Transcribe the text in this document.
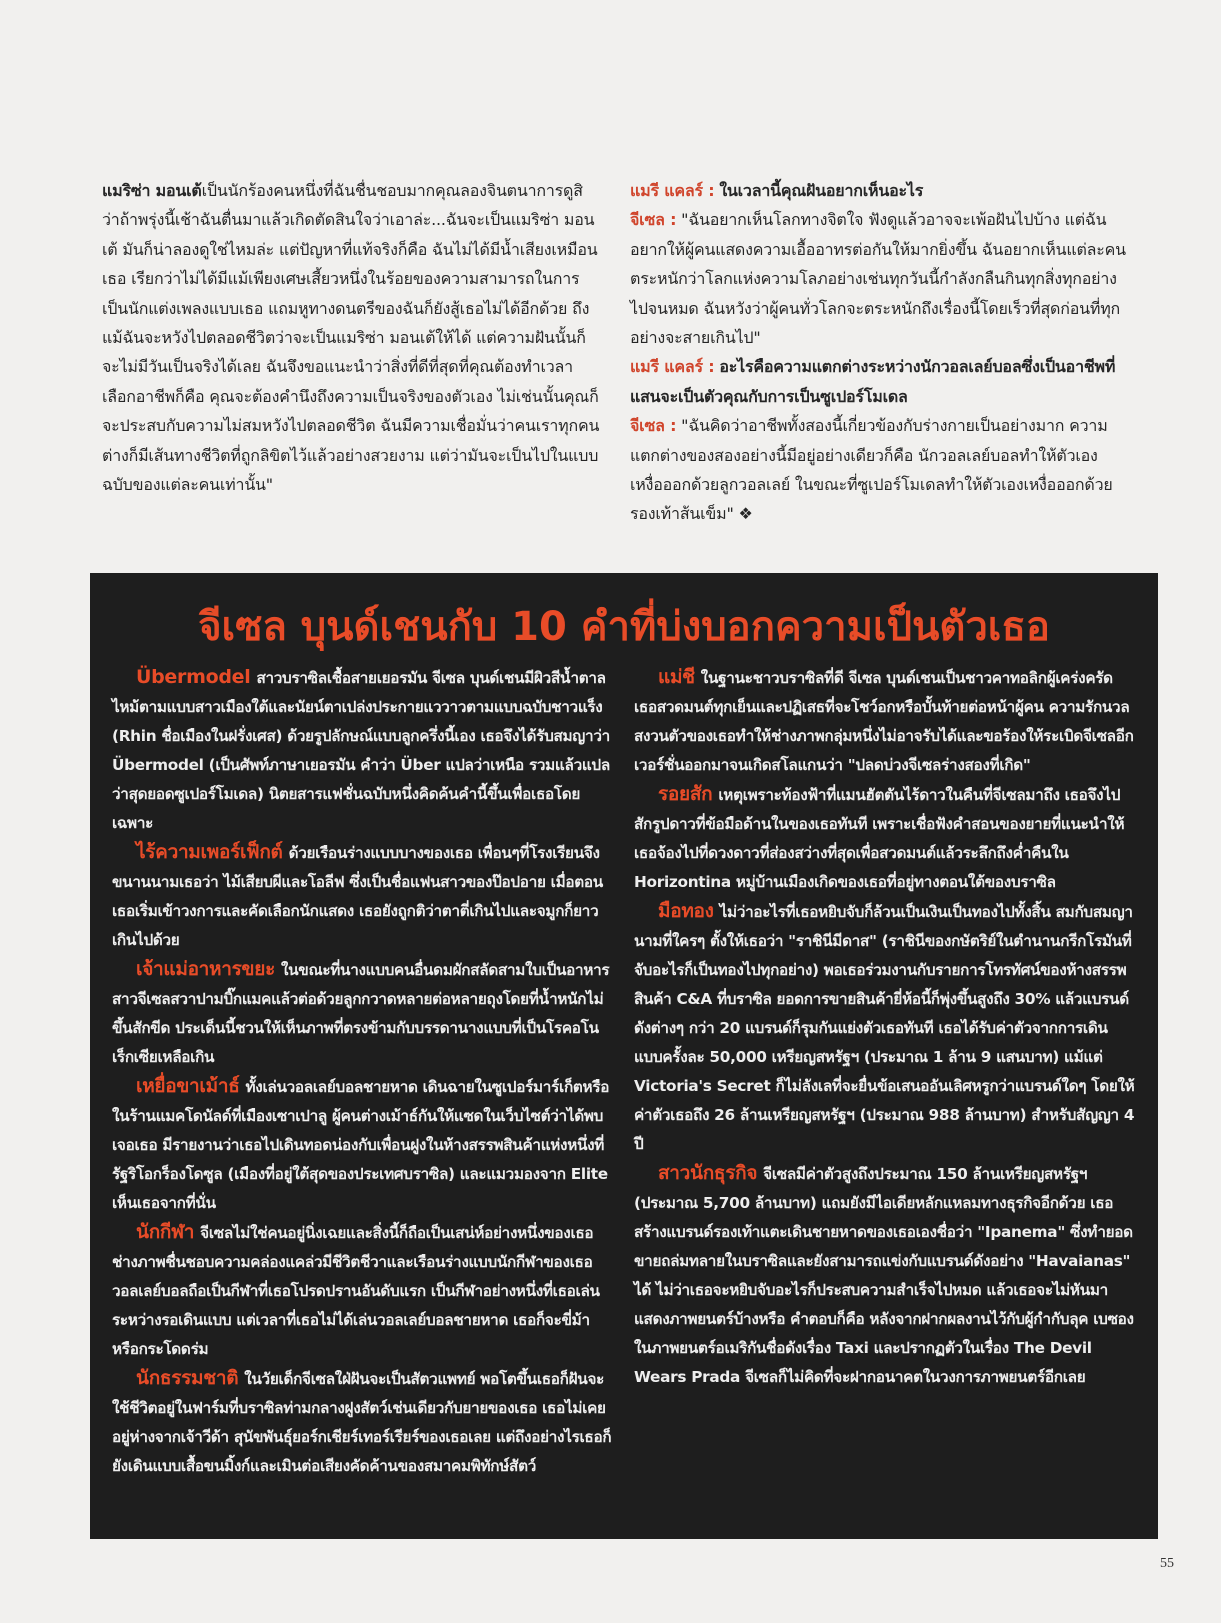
แมริซ่า มอนเต้เป็นนักร้องคนหนึ่งที่ฉันชื่นชอบมากคุณลองจินตนาการดูสิว่าถ้าพรุ่งนี้เช้าฉันตื่นมาแล้วเกิดตัดสินใจว่าเอาล่ะ...ฉันจะเป็นแมริซ่า มอนเต้ มันก็น่าลองดูใช่ไหมล่ะ แต่ปัญหาที่แท้จริงก็คือ ฉันไม่ได้มีน้ำเสียงเหมือนเธอ เรียกว่าไม่ได้มีแม้เพียงเศษเสี้ยวหนึ่งในร้อยของความสามารถในการเป็นนักแต่งเพลงแบบเธอ แถมหูทางดนตรีของฉันก็ยังสู้เธอไม่ได้อีกด้วย ถึงแม้ฉันจะหวังไปตลอดชีวิตว่าจะเป็นแมริซ่า มอนเต้ให้ได้ แต่ความฝันนั้นก็จะไม่มีวันเป็นจริงได้เลย ฉันจึงขอแนะนำว่าสิ่งที่ดีที่สุดที่คุณต้องทำเวลาเลือกอาชีพก็คือ คุณจะต้องคำนึงถึงความเป็นจริงของตัวเอง ไม่เช่นนั้นคุณก็จะประสบกับความไม่สมหวังไปตลอดชีวิต ฉันมีความเชื่อมั่นว่าคนเราทุกคนต่างก็มีเส้นทางชีวิตที่ถูกลิขิตไว้แล้วอย่างสวยงาม แต่ว่ามันจะเป็นไปในแบบฉบับของแต่ละคนเท่านั้น"

แมรี แคลร์ : ในเวลานี้คุณฝันอยากเห็นอะไร

จีเซล : "ฉันอยากเห็นโลกทางจิตใจ ฟังดูแล้วอาจจะเพ้อฝันไปบ้าง แต่ฉันอยากให้ผู้คนแสดงความเอื้ออาทรต่อกันให้มากยิ่งขึ้น ฉันอยากเห็นแต่ละคนตระหนักว่าโลกแห่งความโลภอย่างเช่นทุกวันนี้กำลังกลืนกินทุกสิ่งทุกอย่างไปจนหมด ฉันหวังว่าผู้คนทั่วโลกจะตระหนักถึงเรื่องนี้โดยเร็วที่สุดก่อนที่ทุกอย่างจะสายเกินไป"

แมรี แคลร์ : อะไรคือความแตกต่างระหว่างนักวอลเลย์บอลซึ่งเป็นอาชีพที่แสนจะเป็นตัวคุณกับการเป็นซูเปอร์โมเดล

จีเซล : "ฉันคิดว่าอาชีพทั้งสองนี้เกี่ยวข้องกับร่างกายเป็นอย่างมาก ความแตกต่างของสองอย่างนี้มีอยู่อย่างเดียวก็คือ นักวอลเลย์บอลทำให้ตัวเองเหงื่อออกด้วยลูกวอลเลย์ ในขณะที่ซูเปอร์โมเดลทำให้ตัวเองเหงื่อออกด้วยรองเท้าส้นเข็ม" ❖

จีเซล บุนด์เชนกับ 10 คำที่บ่งบอกความเป็นตัวเธอ

Übermodel สาวบราซิลเชื้อสายเยอรมัน จีเซล บุนด์เชนมีผิวสีน้ำตาลไหม้ตามแบบสาวเมืองใต้และนัยน์ตาเปล่งประกายแววาวตามแบบฉบับชาวแร็ง (Rhin ชื่อเมืองในฝรั่งเศส) ด้วยรูปลักษณ์แบบลูกครึ่งนี้เอง เธอจึงได้รับสมญาว่า Übermodel (เป็นศัพท์ภาษาเยอรมัน คำว่า Über แปลว่าเหนือ รวมแล้วแปลว่าสุดยอดซูเปอร์โมเดล) นิตยสารแฟชั่นฉบับหนึ่งคิดค้นคำนี้ขึ้นเพื่อเธอโดยเฉพาะ

ไร้ความเพอร์เฟ็กต์ ด้วยเรือนร่างแบบบางของเธอ เพื่อนๆที่โรงเรียนจึงขนานนามเธอว่า ไม้เสียบผีและโอลีฟ ซึ่งเป็นชื่อแฟนสาวของป๊อปอาย เมื่อตอนเธอเริ่มเข้าวงการและคัดเลือกนักแสดง เธอยังถูกติว่าตาตี่เกินไปและจมูกก็ยาวเกินไปด้วย

เจ้าแม่อาหารขยะ ในขณะที่นางแบบคนอื่นดมผักสลัดสามใบเป็นอาหาร สาวจีเซลสวาปามบิ๊กแมคแล้วต่อด้วยลูกกวาดหลายต่อหลายถุงโดยที่น้ำหนักไม่ขึ้นสักขีด ประเด็นนี้ชวนให้เห็นภาพที่ตรงข้ามกับบรรดานางแบบที่เป็นโรคอโนเร็กเซียเหลือเกิน

เหยื่อขาเม้าธ์ ทั้งเล่นวอลเลย์บอลชายหาด เดินฉายในซูเปอร์มาร์เก็ตหรือในร้านแมคโดนัลด์ที่เมืองเซาเปาลู ผู้คนต่างเม้าธ์กันให้แซดในเว็บไซต์ว่าได้พบเจอเธอ มีรายงานว่าเธอไปเดินทอดน่องกับเพื่อนฝูงในห้างสรรพสินค้าแห่งหนึ่งที่รัฐริโอกร็องโดซูล (เมืองที่อยู่ใต้สุดของประเทศบราซิล) และแมวมองจาก Elite เห็นเธอจากที่นั่น

นักกีฬา จีเซลไม่ใช่คนอยู่นิ่งเฉยและสิ่งนี้ก็ถือเป็นเสน่ห์อย่างหนึ่งของเธอ ช่างภาพชื่นชอบความคล่องแคล่วมีชีวิตชีวาและเรือนร่างแบบนักกีฬาของเธอ วอลเลย์บอลถือเป็นกีฬาที่เธอโปรดปรานอันดับแรก เป็นกีฬาอย่างหนึ่งที่เธอเล่นระหว่างรอเดินแบบ แต่เวลาที่เธอไม่ได้เล่นวอลเลย์บอลชายหาด เธอก็จะขี่ม้าหรือกระโดดร่ม

นักธรรมชาติ ในวัยเด็กจีเซลใฝ่ฝันจะเป็นสัตวแพทย์ พอโตขึ้นเธอก็ฝันจะใช้ชีวิตอยู่ในฟาร์มที่บราซิลท่ามกลางฝูงสัตว์เช่นเดียวกับยายของเธอ เธอไม่เคยอยู่ห่างจากเจ้าวีด้า สุนัขพันธุ์ยอร์กเชียร์เทอร์เรียร์ของเธอเลย แต่ถึงอย่างไรเธอก็ยังเดินแบบเสื้อขนมิ้งก์และเมินต่อเสียงคัดค้านของสมาคมพิทักษ์สัตว์

แม่ชี ในฐานะชาวบราซิลที่ดี จีเซล บุนด์เชนเป็นชาวคาทอลิกผู้เคร่งครัด เธอสวดมนต์ทุกเย็นและปฏิเสธที่จะโชว์อกหรือบั้นท้ายต่อหน้าผู้คน ความรักนวลสงวนตัวของเธอทำให้ช่างภาพกลุ่มหนึ่งไม่อาจรับได้และขอร้องให้ระเบิดจีเซลอีกเวอร์ชั่นออกมาจนเกิดสโลแกนว่า "ปลดบ่วงจีเซลร่างสองที่เกิด"

รอยสัก เหตุเพราะท้องฟ้าที่แมนฮัตตันไร้ดาวในคืนที่จีเซลมาถึง เธอจึงไปสักรูปดาวที่ข้อมือด้านในของเธอทันที เพราะเชื่อฟังคำสอนของยายที่แนะนำให้เธอจ้องไปที่ดวงดาวที่ส่องสว่างที่สุดเพื่อสวดมนต์แล้วระลึกถึงค่ำคืนใน Horizontina หมู่บ้านเมืองเกิดของเธอที่อยู่ทางตอนใต้ของบราซิล

มือทอง ไม่ว่าอะไรที่เธอหยิบจับก็ล้วนเป็นเงินเป็นทองไปทั้งสิ้น สมกับสมญานามที่ใครๆ ตั้งให้เธอว่า "ราชินีมีดาส" (ราชินีของกษัตริย์ในตำนานกรีกโรมันที่จับอะไรก็เป็นทองไปทุกอย่าง) พอเธอร่วมงานกับรายการโทรทัศน์ของห้างสรรพสินค้า C&A ที่บราซิล ยอดการขายสินค้ายี่ห้อนี้ก็พุ่งขึ้นสูงถึง 30% แล้วแบรนด์ดังต่างๆ กว่า 20 แบรนด์ก็รุมกันแย่งตัวเธอทันที เธอได้รับค่าตัวจากการเดินแบบครั้งละ 50,000 เหรียญสหรัฐฯ (ประมาณ 1 ล้าน 9 แสนบาท) แม้แต่ Victoria's Secret ก็ไม่ลังเลที่จะยื่นข้อเสนออันเลิศหรูกว่าแบรนด์ใดๆ โดยให้ค่าตัวเธอถึง 26 ล้านเหรียญสหรัฐฯ (ประมาณ 988 ล้านบาท) สำหรับสัญญา 4 ปี

สาวนักธุรกิจ จีเซลมีค่าตัวสูงถึงประมาณ 150 ล้านเหรียญสหรัฐฯ (ประมาณ 5,700 ล้านบาท) แถมยังมีไอเดียหลักแหลมทางธุรกิจอีกด้วย เธอสร้างแบรนด์รองเท้าแตะเดินชายหาดของเธอเองชื่อว่า "Ipanema" ซึ่งทำยอดขายถล่มทลายในบราซิลและยังสามารถแข่งกับแบรนด์ดังอย่าง "Havaianas" ได้ ไม่ว่าเธอจะหยิบจับอะไรก็ประสบความสำเร็จไปหมด แล้วเธอจะไม่หันมาแสดงภาพยนตร์บ้างหรือ คำตอบก็คือ หลังจากฝากผลงานไว้กับผู้กำกับลุค เบซองในภาพยนตร์อเมริกันชื่อดังเรื่อง Taxi และปรากฏตัวในเรื่อง The Devil Wears Prada จีเซลก็ไม่คิดที่จะฝากอนาคตในวงการภาพยนตร์อีกเลย

55
